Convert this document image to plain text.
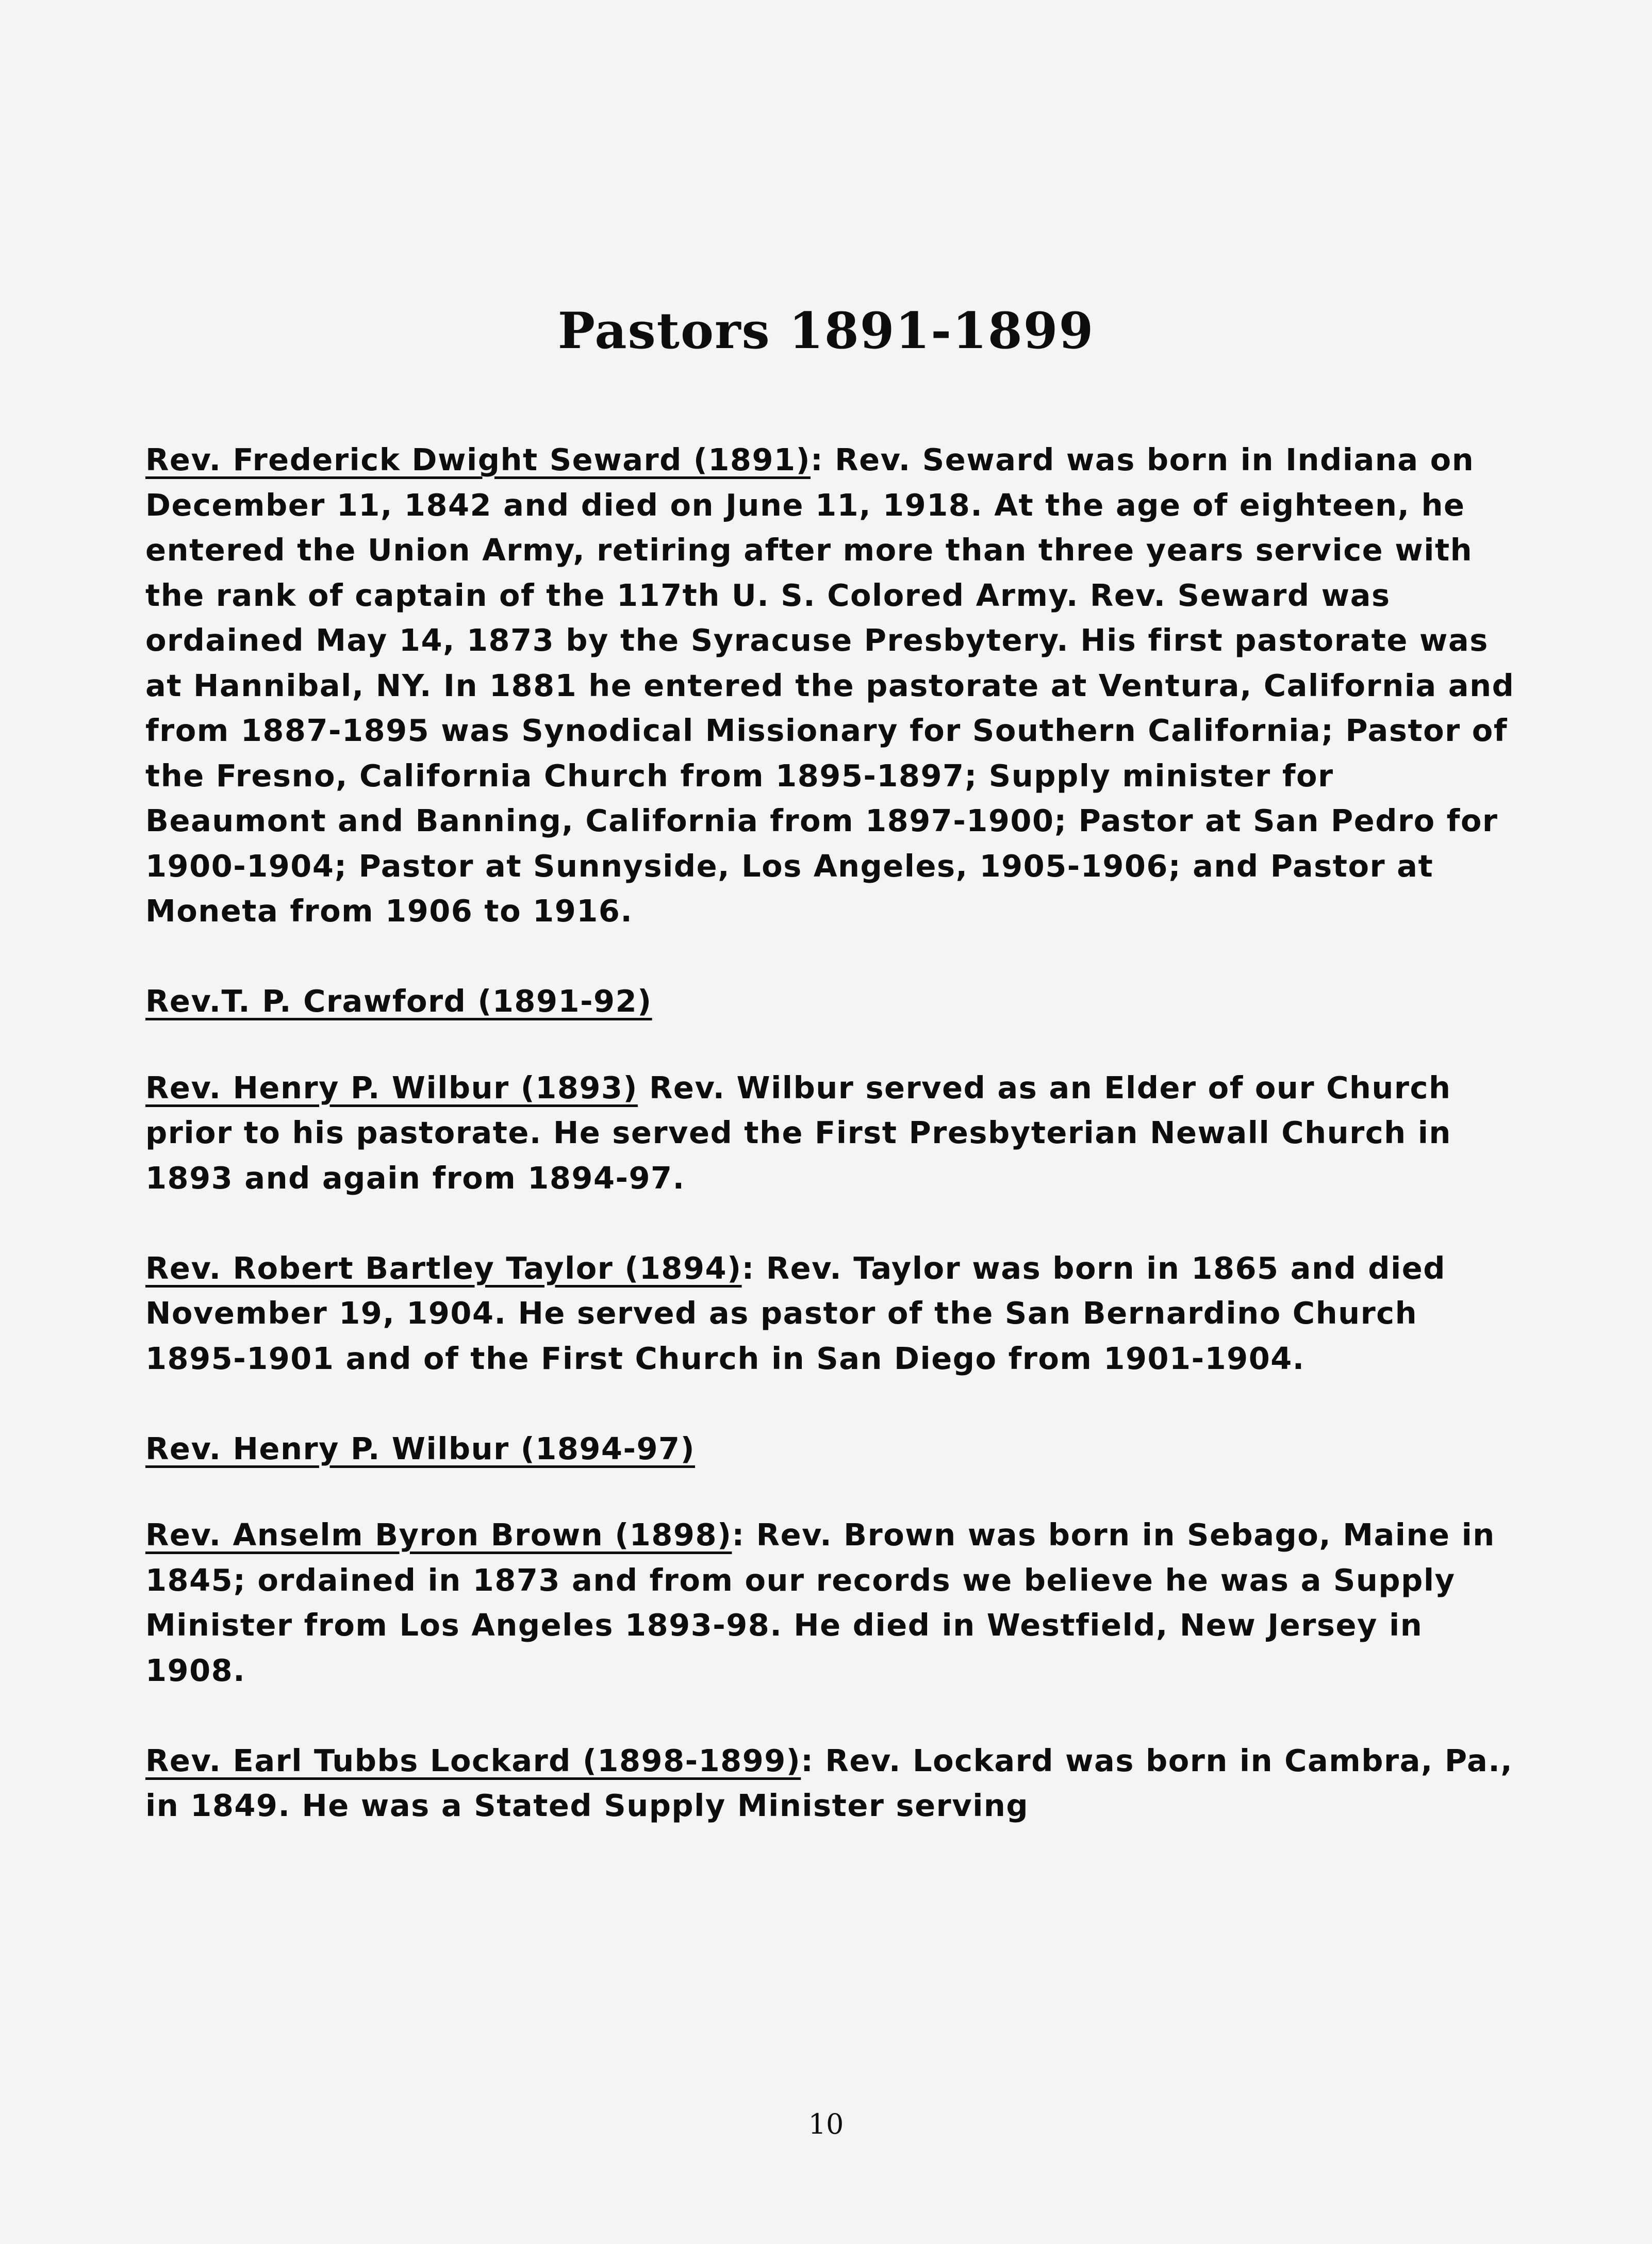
Pastors 1891-1899

Rev. Frederick Dwight Seward (1891): Rev. Seward was born in Indiana on December 11, 1842 and died on June 11, 1918. At the age of eighteen, he entered the Union Army, retiring after more than three years service with the rank of captain of the 117th U. S. Colored Army. Rev. Seward was ordained May 14, 1873 by the Syracuse Presbytery. His first pastorate was at Hannibal, NY. In 1881 he entered the pastorate at Ventura, California and from 1887-1895 was Synodical Missionary for Southern California; Pastor of the Fresno, California Church from 1895-1897; Supply minister for Beaumont and Banning, California from 1897-1900; Pastor at San Pedro for 1900-1904; Pastor at Sunnyside, Los Angeles, 1905-1906; and Pastor at Moneta from 1906 to 1916.

Rev.T. P. Crawford (1891-92)

Rev. Henry P. Wilbur (1893) Rev. Wilbur served as an Elder of our Church prior to his pastorate. He served the First Presbyterian Newall Church in 1893 and again from 1894-97.

Rev. Robert Bartley Taylor (1894): Rev. Taylor was born in 1865 and died November 19, 1904. He served as pastor of the San Bernardino Church 1895-1901 and of the First Church in San Diego from 1901-1904.

Rev. Henry P. Wilbur (1894-97)

Rev. Anselm Byron Brown (1898): Rev. Brown was born in Sebago, Maine in 1845; ordained in 1873 and from our records we believe he was a Supply Minister from Los Angeles 1893-98. He died in Westfield, New Jersey in 1908.

Rev. Earl Tubbs Lockard (1898-1899): Rev. Lockard was born in Cambra, Pa., in 1849. He was a Stated Supply Minister serving

10
